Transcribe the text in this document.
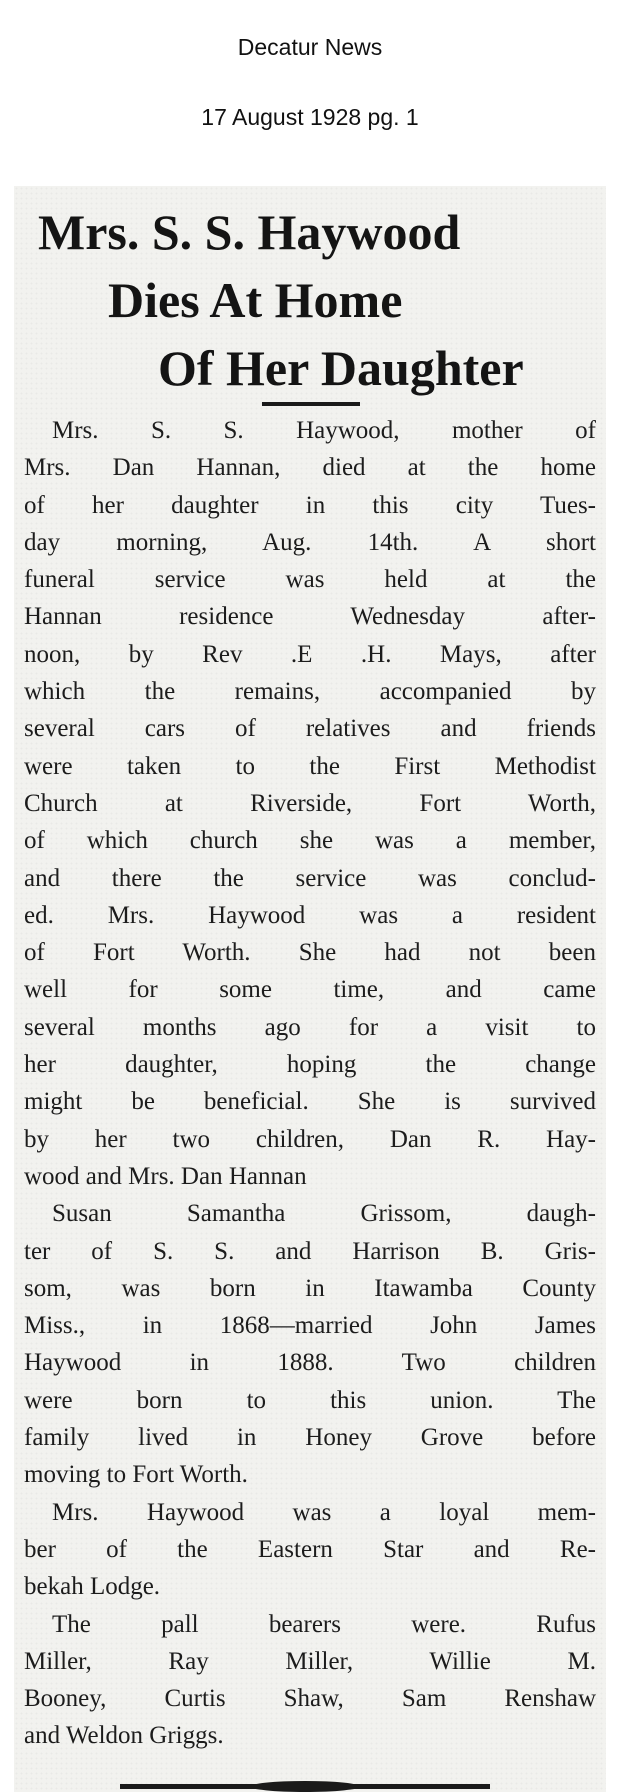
Decatur News
17 August 1928 pg. 1
Mrs. S. S. Haywood
Dies At Home
Of Her Daughter
Mrs. S. S. Haywood, mother of
Mrs. Dan Hannan, died at the home
of her daughter in this city Tues-
day morning, Aug. 14th. A short
funeral service was held at the
Hannan residence Wednesday after-
noon, by Rev .E .H. Mays, after
which the remains, accompanied by
several cars of relatives and friends
were taken to the First Methodist
Church at Riverside, Fort Worth,
of which church she was a member,
and there the service was conclud-
ed. Mrs. Haywood was a resident
of Fort Worth. She had not been
well for some time, and came
several months ago for a visit to
her daughter, hoping the change
might be beneficial. She is survived
by her two children, Dan R. Hay-
wood and Mrs. Dan Hannan
Susan Samantha Grissom, daugh-
ter of S. S. and Harrison B. Gris-
som, was born in Itawamba County
Miss., in 1868—married John James
Haywood in 1888. Two children
were born to this union. The
family lived in Honey Grove before
moving to Fort Worth.
Mrs. Haywood was a loyal mem-
ber of the Eastern Star and Re-
bekah Lodge.
The pall bearers were. Rufus
Miller, Ray Miller, Willie M.
Booney, Curtis Shaw, Sam Renshaw
and Weldon Griggs.
